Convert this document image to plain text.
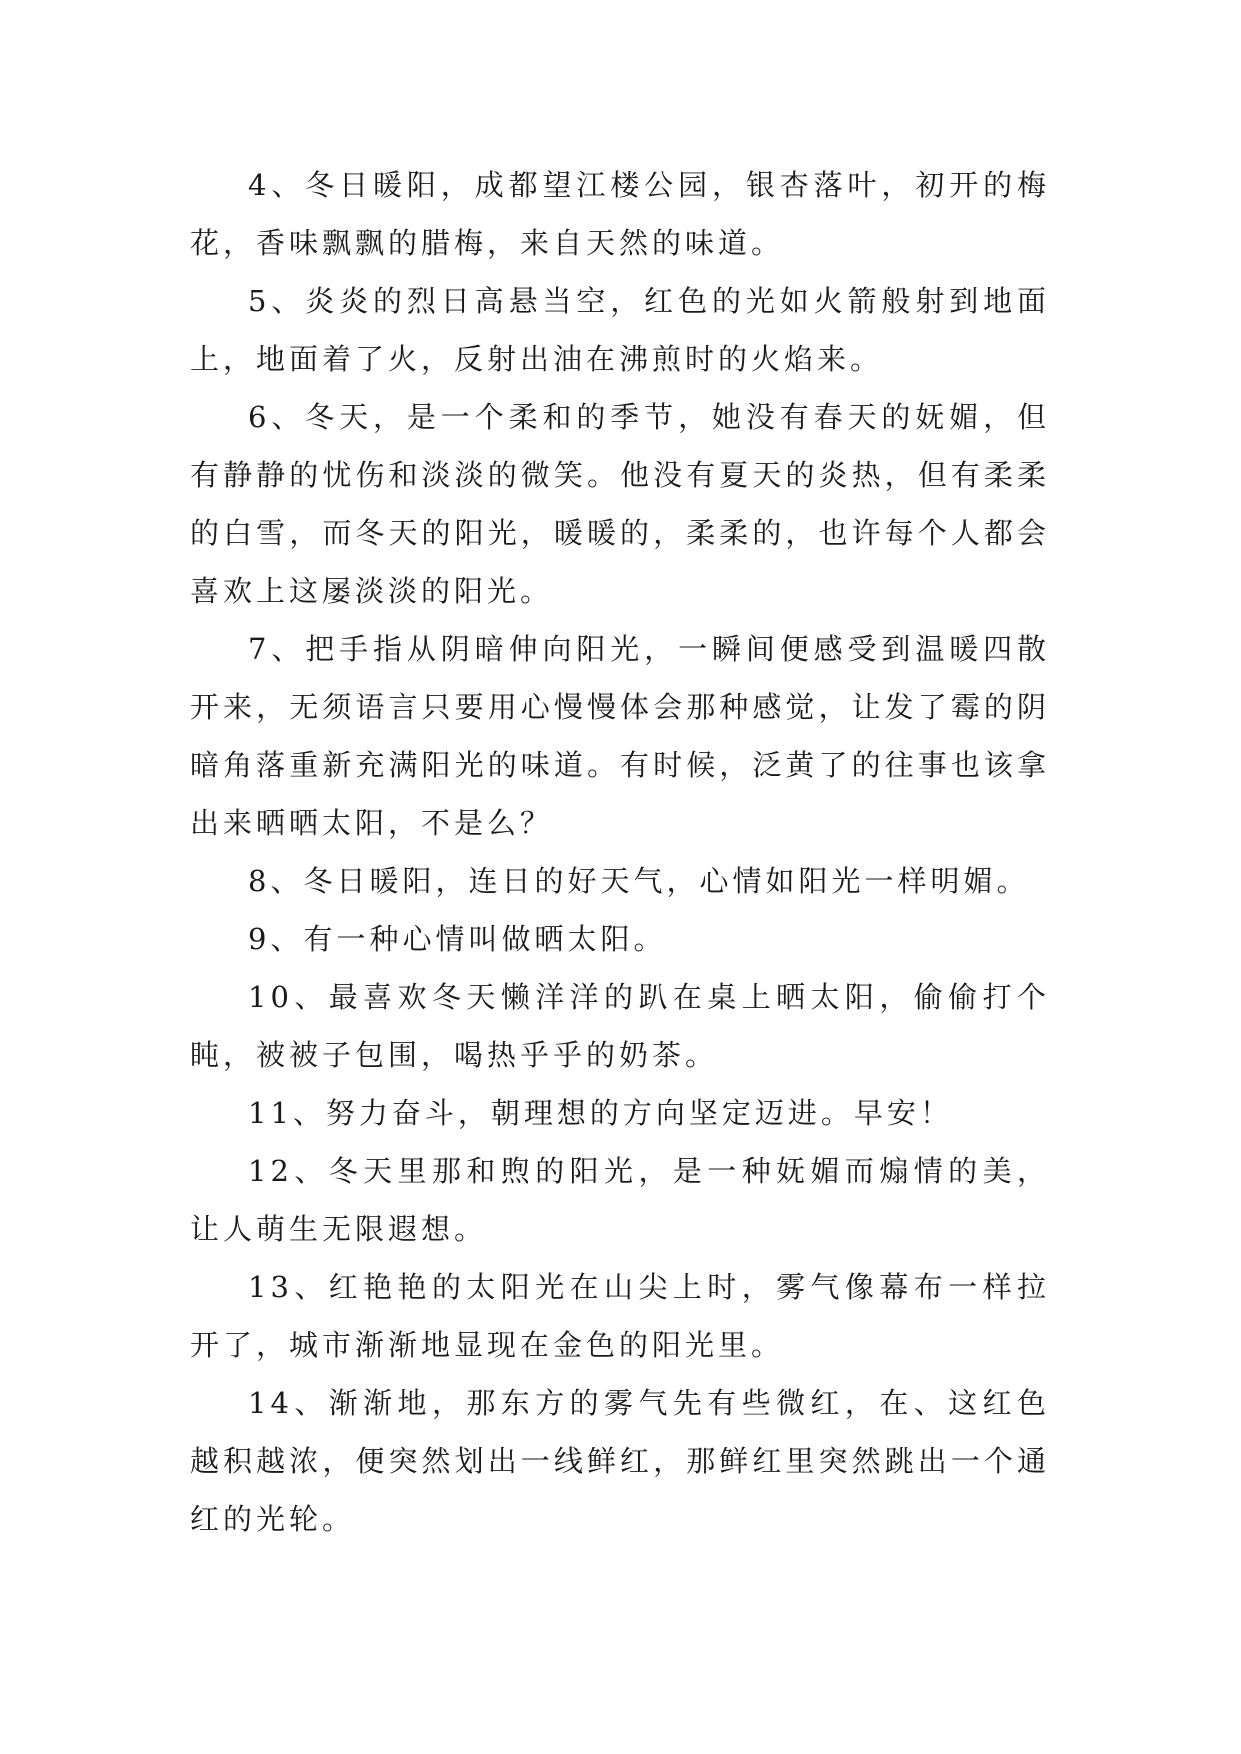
4、冬日暖阳，成都望江楼公园，银杏落叶，初开的梅花，香味飘飘的腊梅，来自天然的味道。

5、炎炎的烈日高悬当空，红色的光如火箭般射到地面上，地面着了火，反射出油在沸煎时的火焰来。

6、冬天，是一个柔和的季节，她没有春天的妩媚，但有静静的忧伤和淡淡的微笑。他没有夏天的炎热，但有柔柔的白雪，而冬天的阳光，暖暖的，柔柔的，也许每个人都会喜欢上这屡淡淡的阳光。

7、把手指从阴暗伸向阳光，一瞬间便感受到温暖四散开来，无须语言只要用心慢慢体会那种感觉，让发了霉的阴暗角落重新充满阳光的味道。有时候，泛黄了的往事也该拿出来晒晒太阳，不是么？

8、冬日暖阳，连日的好天气，心情如阳光一样明媚。

9、有一种心情叫做晒太阳。

10、最喜欢冬天懒洋洋的趴在桌上晒太阳，偷偷打个盹，被被子包围，喝热乎乎的奶茶。

11、努力奋斗，朝理想的方向坚定迈进。早安！

12、冬天里那和煦的阳光，是一种妩媚而煽情的美，让人萌生无限遐想。

13、红艳艳的太阳光在山尖上时，雾气像幕布一样拉开了，城市渐渐地显现在金色的阳光里。

14、渐渐地，那东方的雾气先有些微红，在、这红色越积越浓，便突然划出一线鲜红，那鲜红里突然跳出一个通红的光轮。
